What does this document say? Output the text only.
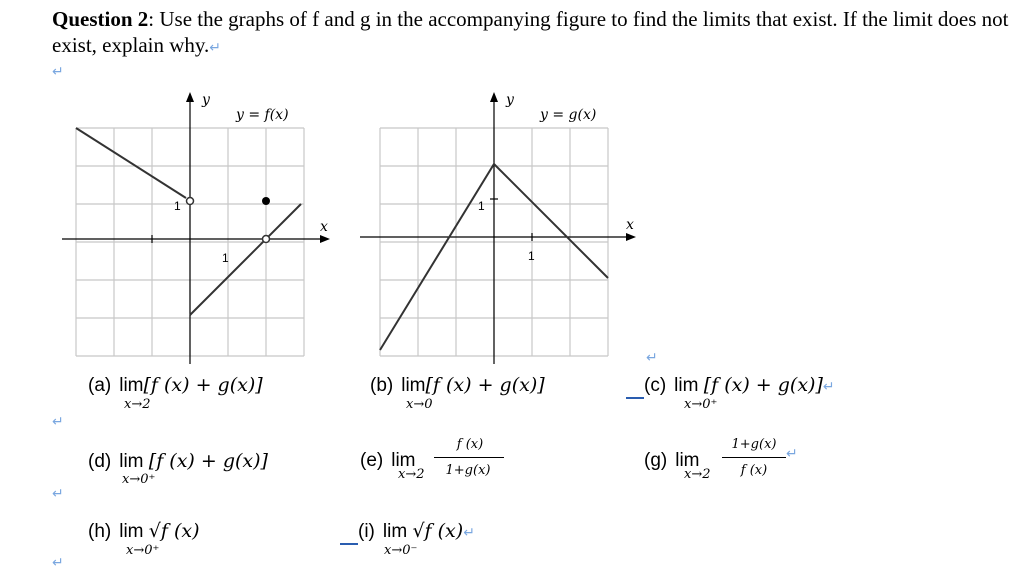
Question 2: Use the graphs of f and g in the accompanying figure to find the limits that exist. If the limit does not exist, explain why.↵
↵
y
y = f(x)
x
1
1
y
y = g(x)
x
1
1
↵
↵
↵
↵
(a) lim[f (x) + g(x)]
x→2
(b) lim[f (x) + g(x)]
x→0
(c) lim [f (x) + g(x)]↵
x→0⁺
(d) lim [f (x) + g(x)]
x→0⁺
(e) lim
f (x)
1+g(x)
x→2
(g) lim
1+g(x)
f (x)
↵
x→2
(h) lim √f (x)
x→0⁺
(i) lim √f (x)↵
x→0⁻
